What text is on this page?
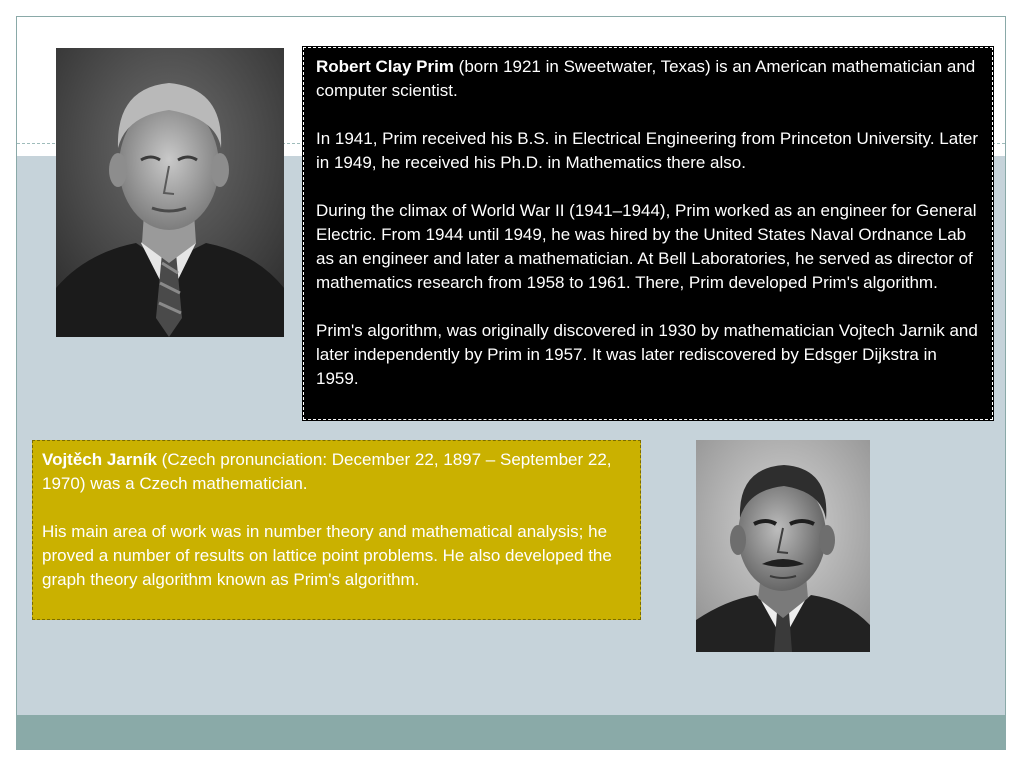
Robert Clay Prim (born 1921 in Sweetwater, Texas) is an American mathematician and computer scientist.

In 1941, Prim received his B.S. in Electrical Engineering from Princeton University. Later in 1949, he received his Ph.D. in Mathematics there also.

During the climax of World War II (1941–1944), Prim worked as an engineer for General Electric. From 1944 until 1949, he was hired by the United States Naval Ordnance Lab as an engineer and later a mathematician. At Bell Laboratories, he served as director of mathematics research from 1958 to 1961. There, Prim developed Prim's algorithm.

Prim's algorithm, was originally discovered in 1930 by mathematician Vojtech Jarnik and later independently by Prim in 1957. It was later rediscovered by Edsger Dijkstra in 1959.

Vojtěch Jarník (Czech pronunciation: December 22, 1897 – September 22, 1970) was a Czech mathematician.

His main area of work was in number theory and mathematical analysis; he proved a number of results on lattice point problems. He also developed the graph theory algorithm known as Prim's algorithm.
